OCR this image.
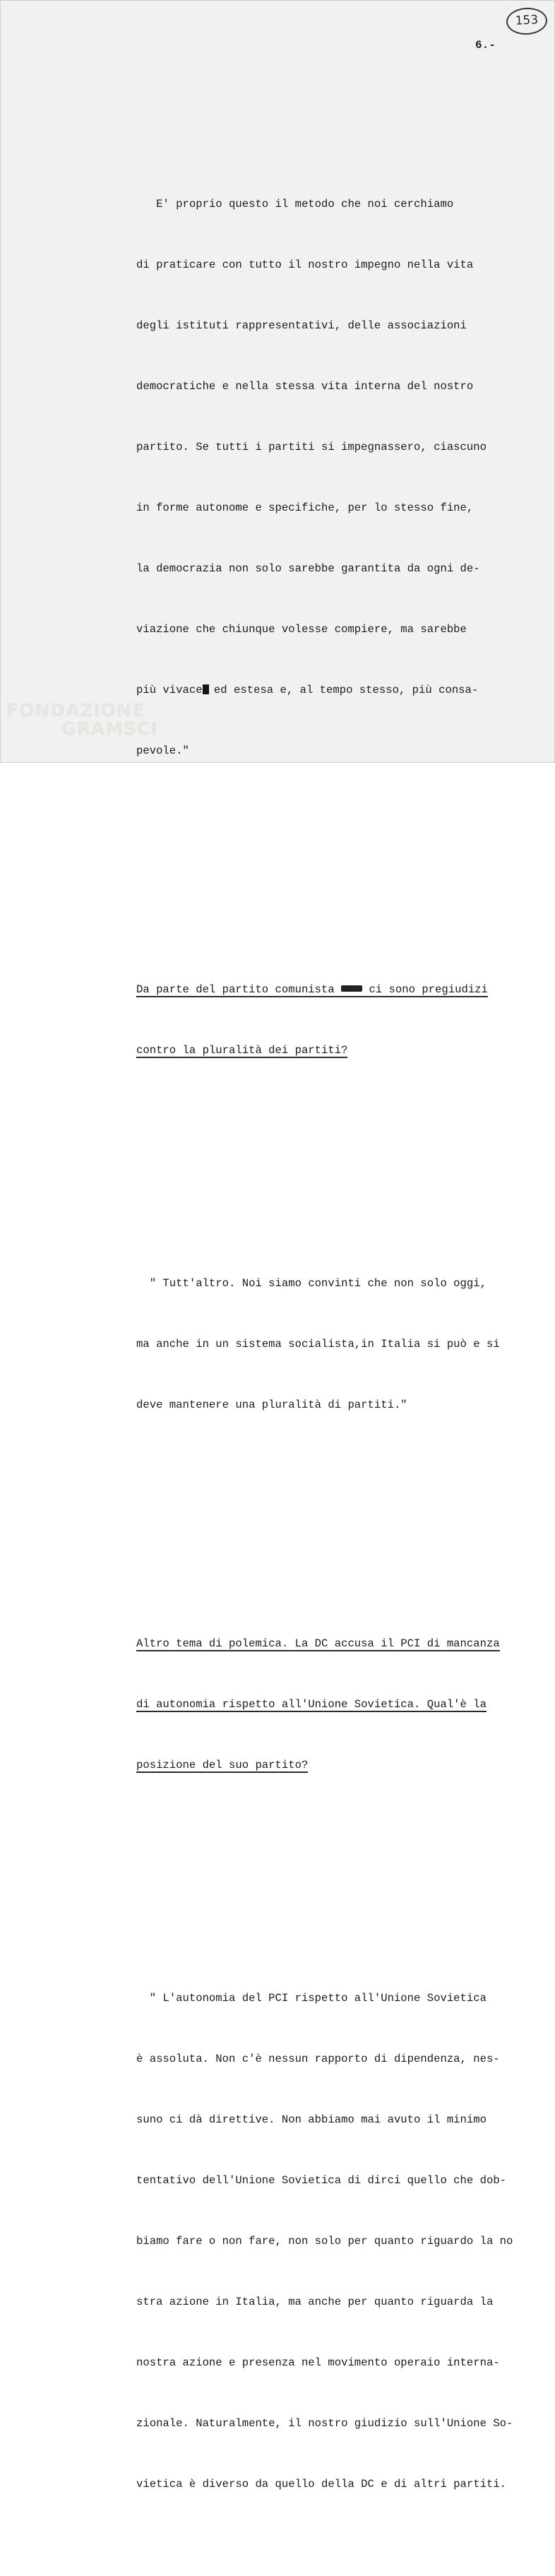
153
6.-

E' proprio questo il metodo che noi cerchiamo

di praticare con tutto il nostro impegno nella vita

degli istituti rappresentativi, delle associazioni

democratiche e nella stessa vita interna del nostro

partito. Se tutti i partiti si impegnassero, ciascuno

in forme autonome e specifiche, per lo stesso fine,

la democrazia non solo sarebbe garantita da ogni de-

viazione che chiunque volesse compiere, ma sarebbe

più vivace ed estesa e, al tempo stesso, più consa-

pevole."

Da parte del partito comunista  ci sono pregiudizi

contro la pluralità dei partiti?

" Tutt'altro. Noi siamo convinti che non solo oggi,

ma anche in un sistema socialista,in Italia si può e si

deve mantenere una pluralità di partiti."

Altro tema di polemica. La DC accusa il PCI di mancanza

di autonomia rispetto all'Unione Sovietica. Qual'è la

posizione del suo partito?

" L'autonomia del PCI rispetto all'Unione Sovietica

è assoluta. Non c'è nessun rapporto di dipendenza, nes-

suno ci dà direttive. Non abbiamo mai avuto il minimo

tentativo dell'Unione Sovietica di dirci quello che dob-

biamo fare o non fare, non solo per quanto riguardo la no

stra azione in Italia, ma anche per quanto riguarda la

nostra azione e presenza nel movimento operaio interna-

zionale. Naturalmente, il nostro giudizio sull'Unione So-

vietica è diverso da quello della DC e di altri partiti.

FONDAZIONE
GRAMSCI
